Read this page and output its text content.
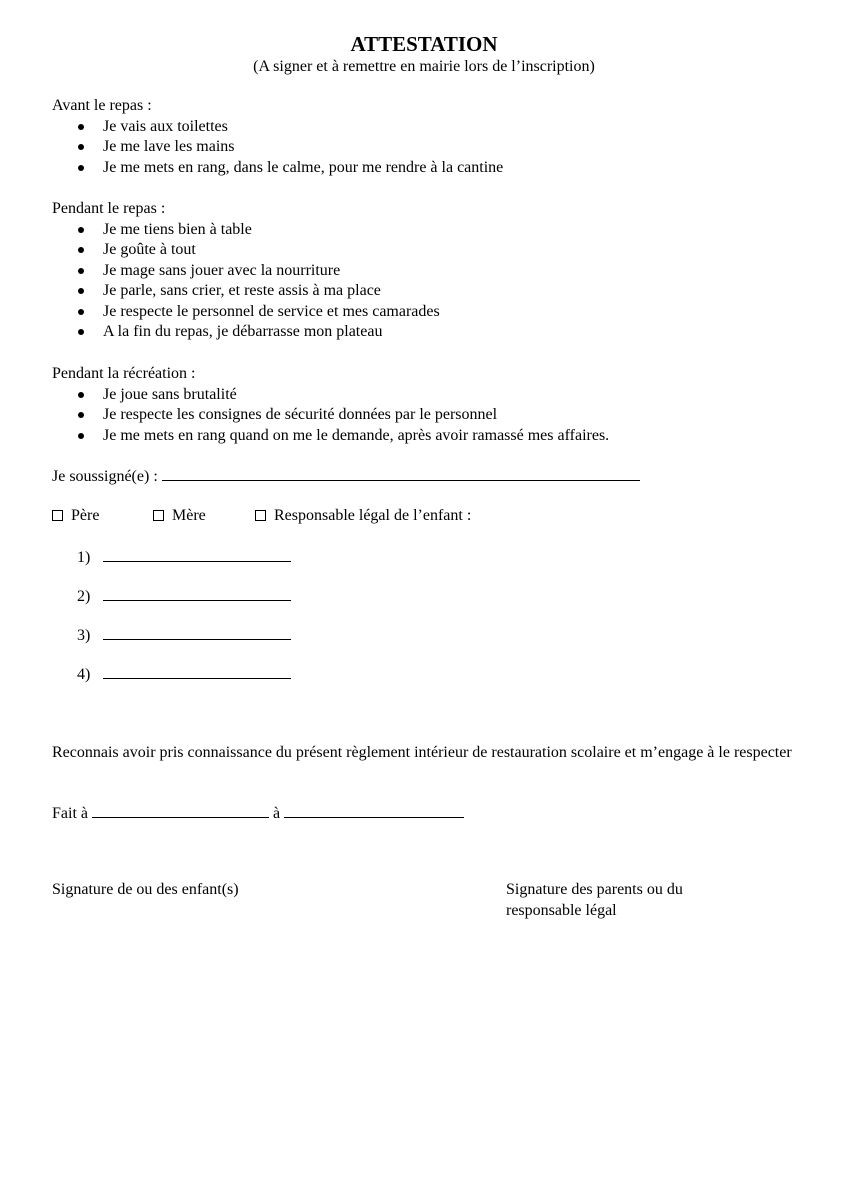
ATTESTATION
(A signer et à remettre en mairie lors de l’inscription)

Avant le repas :

Je vais aux toilettes
Je me lave les mains
Je me mets en rang, dans le calme, pour me rendre à la cantine

Pendant le repas :

Je me tiens bien à table
Je goûte à tout
Je mage sans jouer avec la nourriture
Je parle, sans crier, et reste assis à ma place
Je respecte le personnel de service et mes camarades
A la fin du repas, je débarrasse mon plateau

Pendant la récréation :

Je joue sans brutalité
Je respecte les consignes de sécurité données par le personnel
Je me mets en rang quand on me le demande, après avoir ramassé mes affaires.
Je soussigné(e) :
Père	Mère	Responsable légal de l’enfant :
1)
2)
3)
4)
Reconnais avoir pris connaissance du présent règlement intérieur de restauration scolaire et m’engage à le respecter
Fait à	à
Signature de ou des enfant(s)	Signature des parents ou du
responsable légal
